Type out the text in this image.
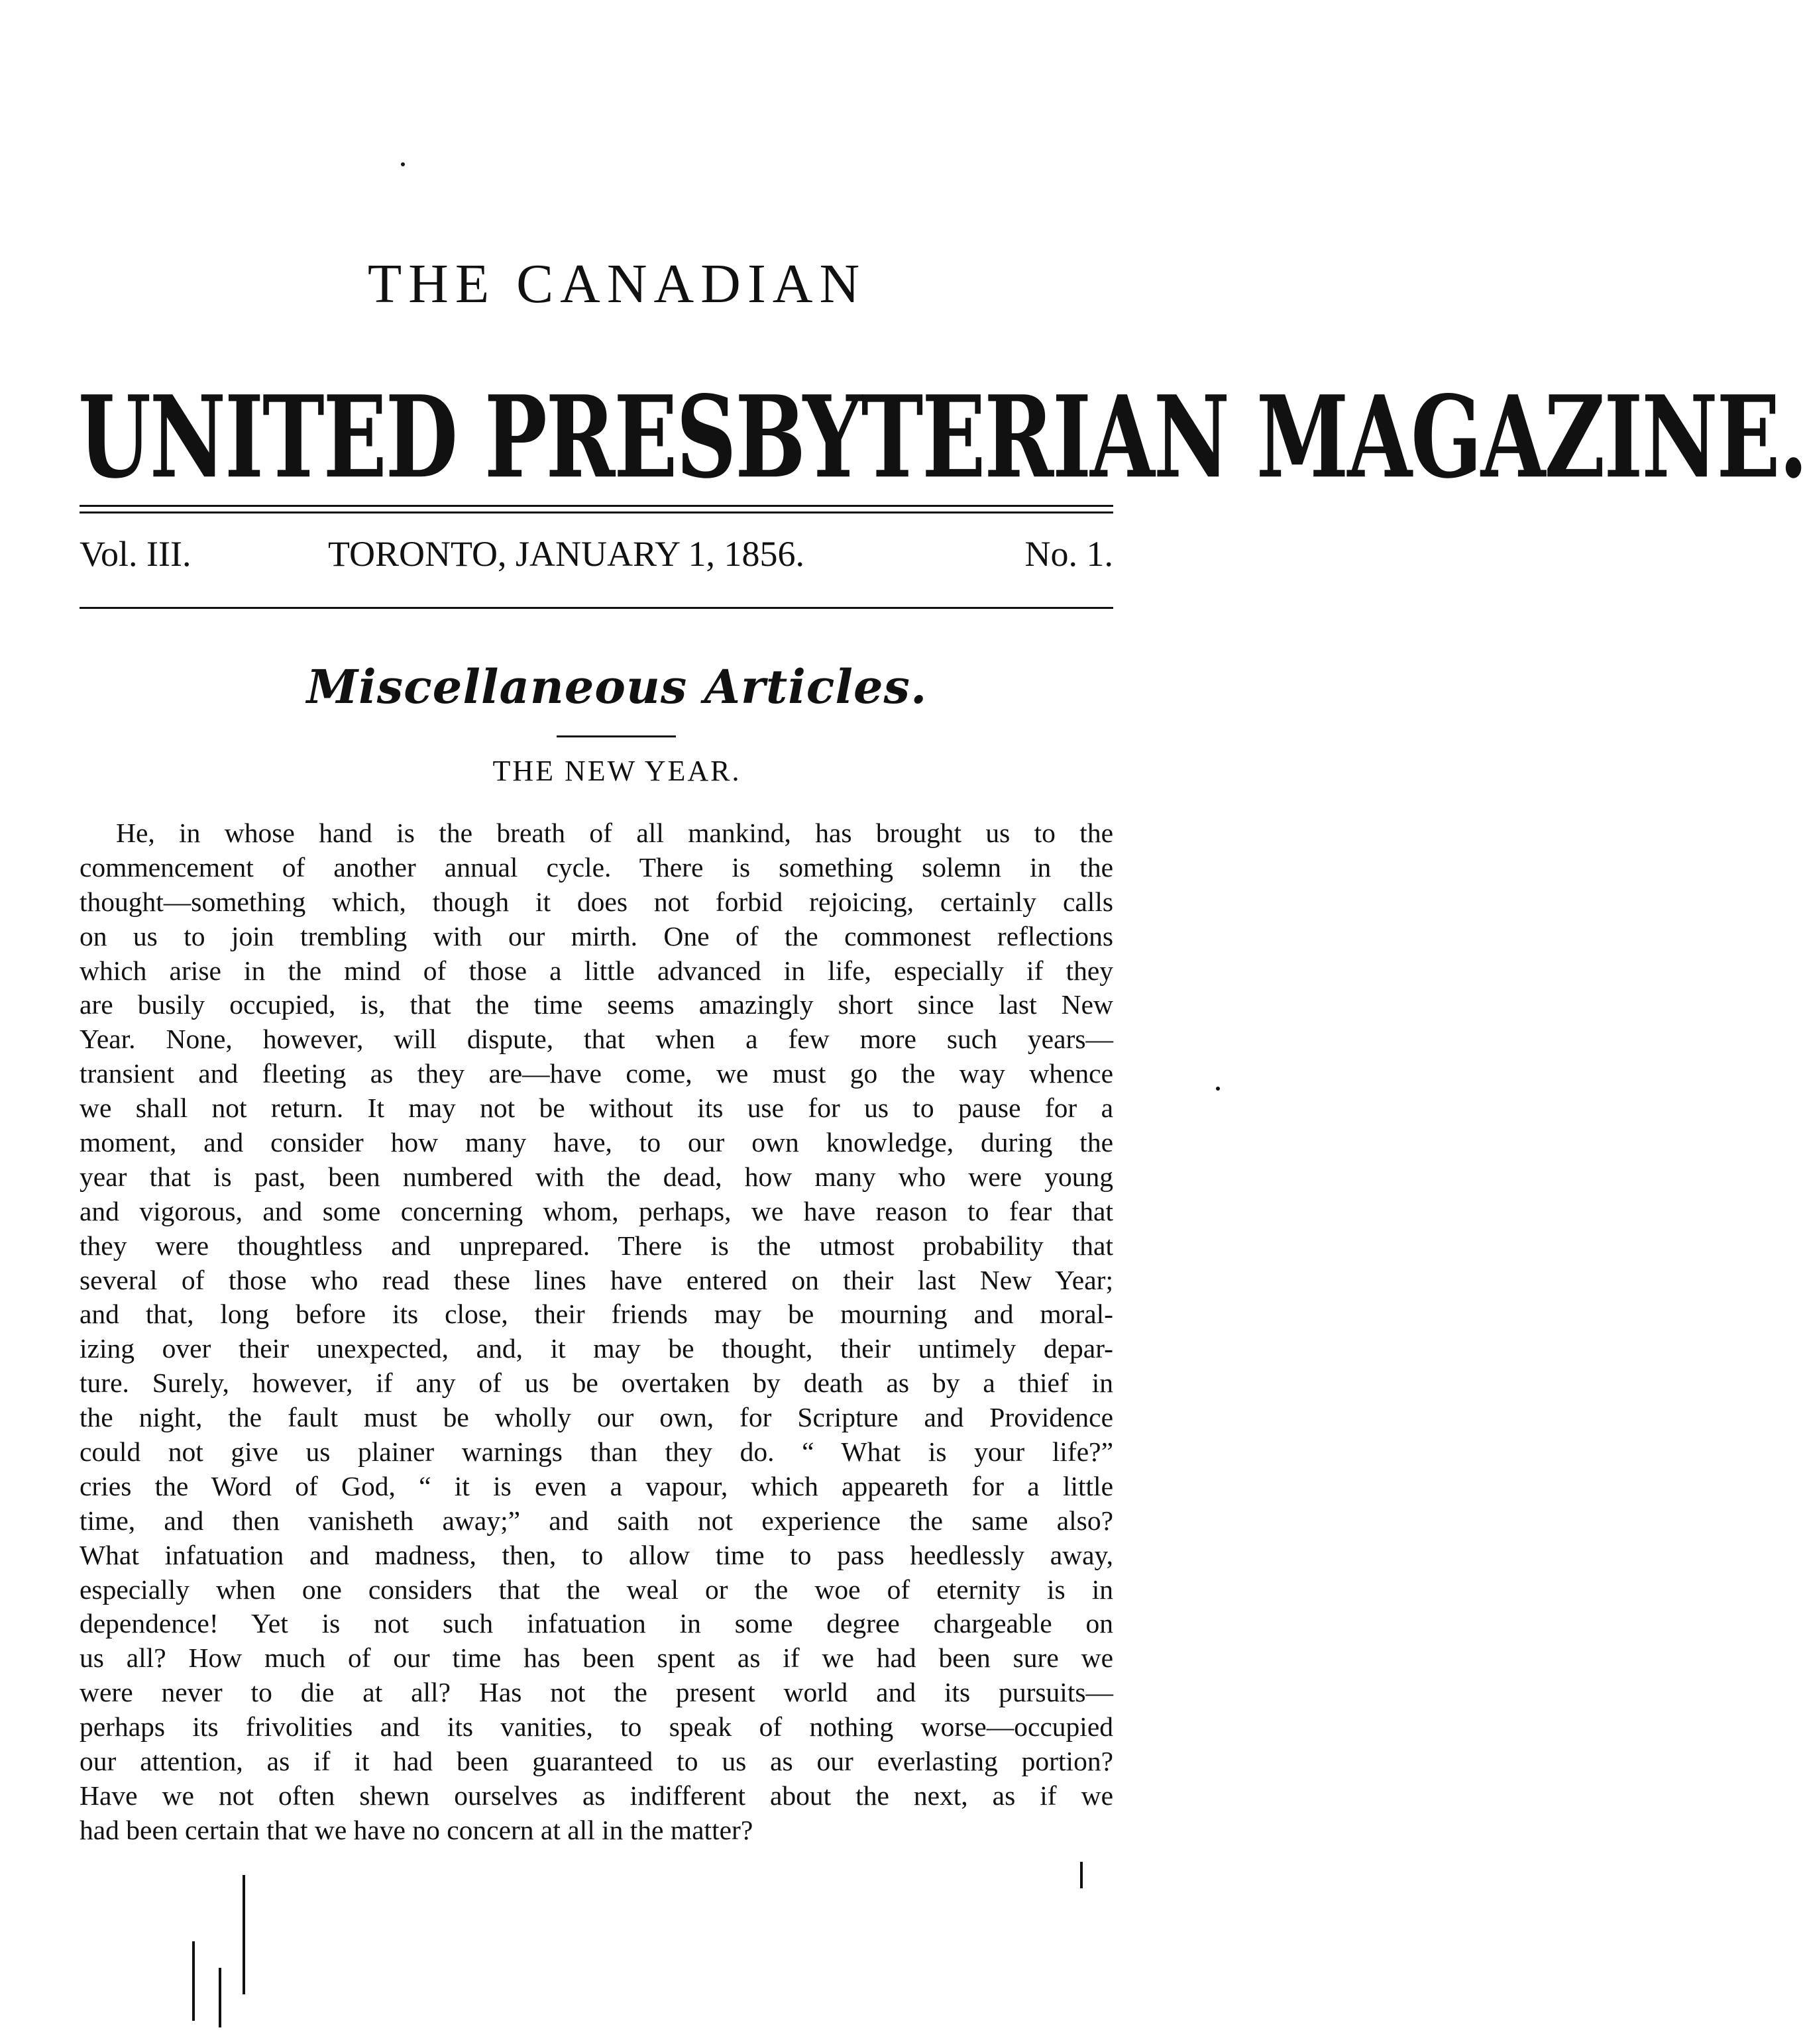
THE CANADIAN
UNITED PRESBYTERIAN MAGAZINE.
Vol. III.	TORONTO, JANUARY 1, 1856.	No. 1.
Miscellaneous Articles.
THE NEW YEAR.
He, in whose hand is the breath of all mankind, has brought us to the
commencement of another annual cycle. There is something solemn in the
thought—something which, though it does not forbid rejoicing, certainly calls
on us to join trembling with our mirth. One of the commonest reflections
which arise in the mind of those a little advanced in life, especially if they
are busily occupied, is, that the time seems amazingly short since last New
Year. None, however, will dispute, that when a few more such years—
transient and fleeting as they are—have come, we must go the way whence
we shall not return. It may not be without its use for us to pause for a
moment, and consider how many have, to our own knowledge, during the
year that is past, been numbered with the dead, how many who were young
and vigorous, and some concerning whom, perhaps, we have reason to fear that
they were thoughtless and unprepared. There is the utmost probability that
several of those who read these lines have entered on their last New Year;
and that, long before its close, their friends may be mourning and moral-
izing over their unexpected, and, it may be thought, their untimely depar-
ture. Surely, however, if any of us be overtaken by death as by a thief in
the night, the fault must be wholly our own, for Scripture and Providence
could not give us plainer warnings than they do. “ What is your life?”
cries the Word of God, “ it is even a vapour, which appeareth for a little
time, and then vanisheth away;” and saith not experience the same also?
What infatuation and madness, then, to allow time to pass heedlessly away,
especially when one considers that the weal or the woe of eternity is in
dependence! Yet is not such infatuation in some degree chargeable on
us all? How much of our time has been spent as if we had been sure we
were never to die at all? Has not the present world and its pursuits—
perhaps its frivolities and its vanities, to speak of nothing worse—occupied
our attention, as if it had been guaranteed to us as our everlasting portion?
Have we not often shewn ourselves as indifferent about the next, as if we
had been certain that we have no concern at all in the matter?
